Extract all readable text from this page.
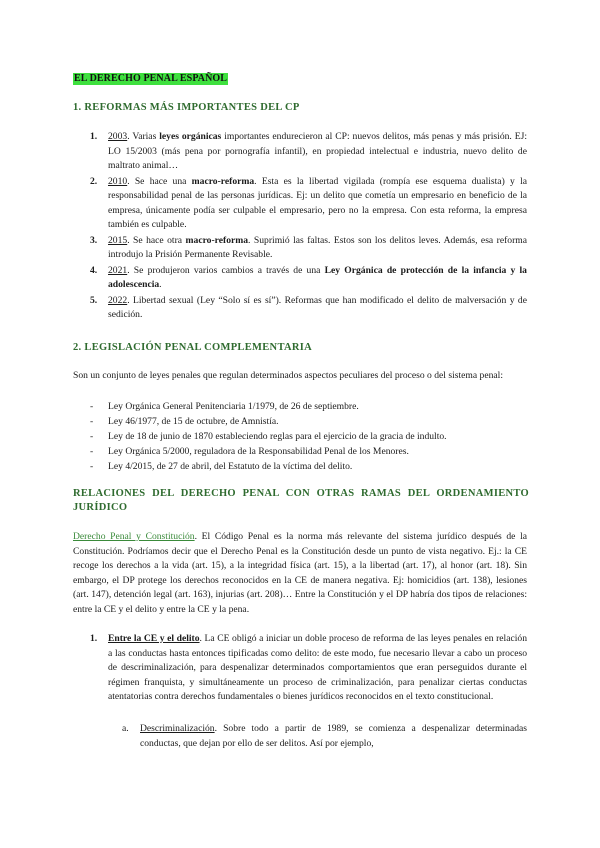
EL DERECHO PENAL ESPAÑOL
1. REFORMAS MÁS IMPORTANTES DEL CP
1. 2003. Varias leyes orgánicas importantes endurecieron al CP: nuevos delitos, más penas y más prisión. EJ: LO 15/2003 (más pena por pornografía infantil), en propiedad intelectual e industria, nuevo delito de maltrato animal…
2. 2010. Se hace una macro-reforma. Esta es la libertad vigilada (rompía ese esquema dualista) y la responsabilidad penal de las personas jurídicas. Ej: un delito que cometía un empresario en beneficio de la empresa, únicamente podía ser culpable el empresario, pero no la empresa. Con esta reforma, la empresa también es culpable.
3. 2015. Se hace otra macro-reforma. Suprimió las faltas. Estos son los delitos leves. Además, esa reforma introdujo la Prisión Permanente Revisable.
4. 2021. Se produjeron varios cambios a través de una Ley Orgánica de protección de la infancia y la adolescencia.
5. 2022. Libertad sexual (Ley “Solo sí es sí”). Reformas que han modificado el delito de malversación y de sedición.
2. LEGISLACIÓN PENAL COMPLEMENTARIA

Son un conjunto de leyes penales que regulan determinados aspectos peculiares del proceso o del sistema penal:

- Ley Orgánica General Penitenciaria 1/1979, de 26 de septiembre.
- Ley 46/1977, de 15 de octubre, de Amnistía.
- Ley de 18 de junio de 1870 estableciendo reglas para el ejercicio de la gracia de indulto.
- Ley Orgánica 5/2000, reguladora de la Responsabilidad Penal de los Menores.
- Ley 4/2015, de 27 de abril, del Estatuto de la víctima del delito.
RELACIONES DEL DERECHO PENAL CON OTRAS RAMAS DEL ORDENAMIENTO JURÍDICO

Derecho Penal y Constitución. El Código Penal es la norma más relevante del sistema jurídico después de la Constitución. Podríamos decir que el Derecho Penal es la Constitución desde un punto de vista negativo. Ej.: la CE recoge los derechos a la vida (art. 15), a la integridad física (art. 15), a la libertad (art. 17), al honor (art. 18). Sin embargo, el DP protege los derechos reconocidos en la CE de manera negativa. Ej: homicidios (art. 138), lesiones (art. 147), detención legal (art. 163), injurias (art. 208)… Entre la Constitución y el DP habría dos tipos de relaciones: entre la CE y el delito y entre la CE y la pena.

1. Entre la CE y el delito. La CE obligó a iniciar un doble proceso de reforma de las leyes penales en relación a las conductas hasta entonces tipificadas como delito: de este modo, fue necesario llevar a cabo un proceso de descriminalización, para despenalizar determinados comportamientos que eran perseguidos durante el régimen franquista, y simultáneamente un proceso de criminalización, para penalizar ciertas conductas atentatorias contra derechos fundamentales o bienes jurídicos reconocidos en el texto constitucional.
a. Descriminalización. Sobre todo a partir de 1989, se comienza a despenalizar determinadas conductas, que dejan por ello de ser delitos. Así por ejemplo,
